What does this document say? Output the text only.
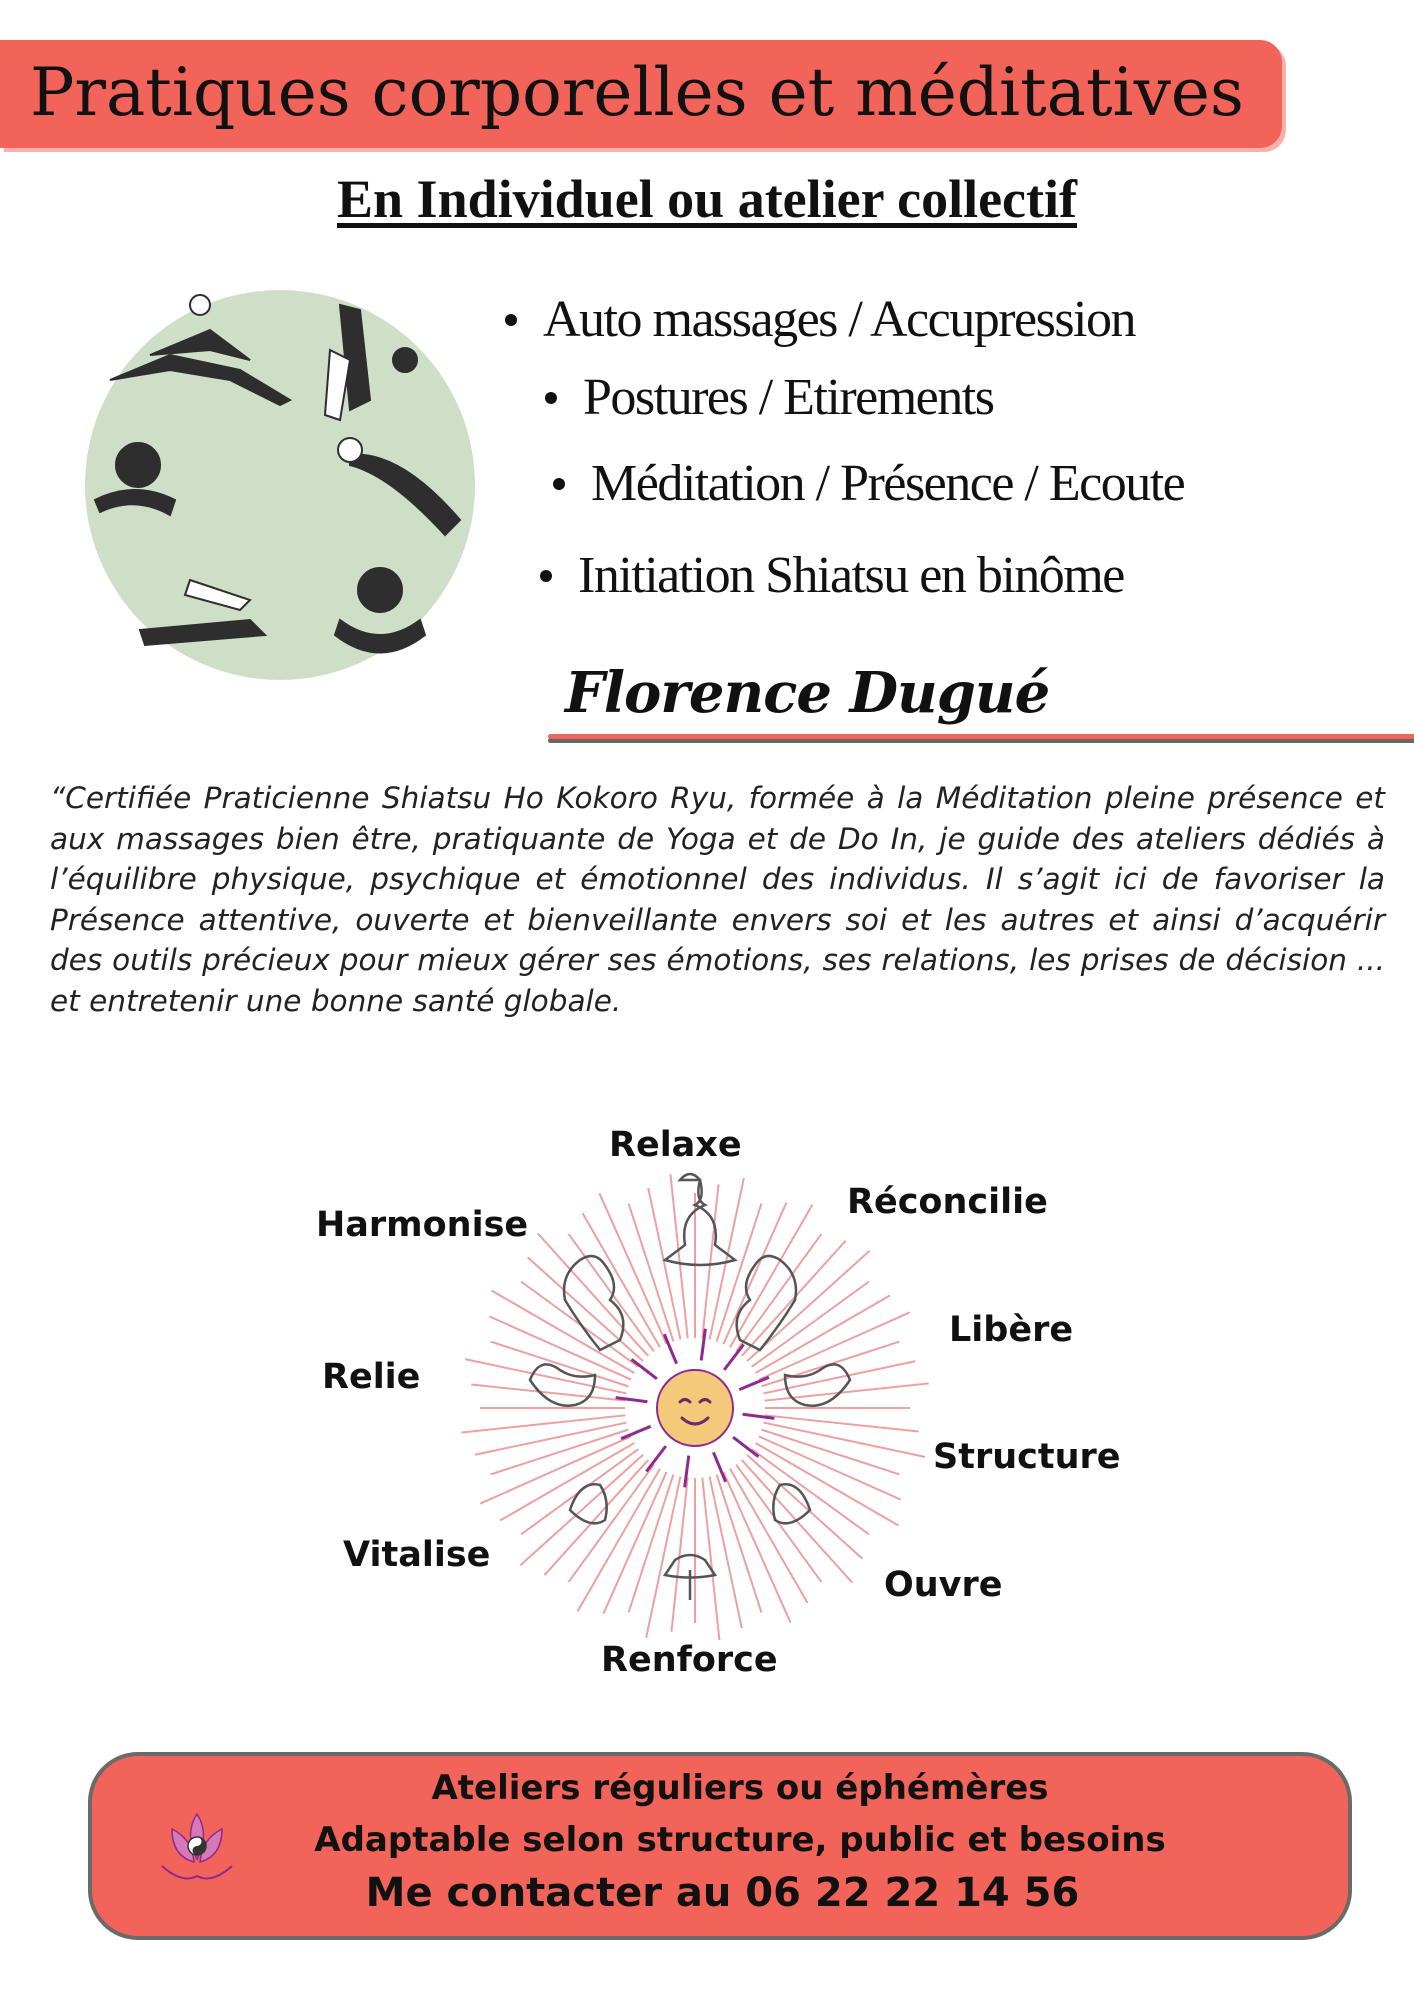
Pratiques corporelles et méditatives
En Individuel ou atelier collectif
Auto massages / Accupression
Postures / Etirements
Méditation / Présence / Ecoute
Initiation Shiatsu en binôme
Florence Dugué
“Certifiée Praticienne Shiatsu Ho Kokoro Ryu, formée à la Méditation pleine présence et aux massages bien être, pratiquante de Yoga et de Do In, je guide des ateliers dédiés à l’équilibre physique, psychique et émotionnel des individus. Il s’agit ici de favoriser la Présence attentive, ouverte et bienveillante envers soi et les autres et ainsi d’acquérir des outils précieux pour mieux gérer ses émotions, ses relations, les prises de décision ... et entretenir une bonne santé globale.
Relaxe
Réconcilie
Libère
Structure
Ouvre
Renforce
Vitalise
Relie
Harmonise
Ateliers réguliers ou éphémères
Adaptable selon structure, public et besoins
Me contacter au 06 22 22 14 56
